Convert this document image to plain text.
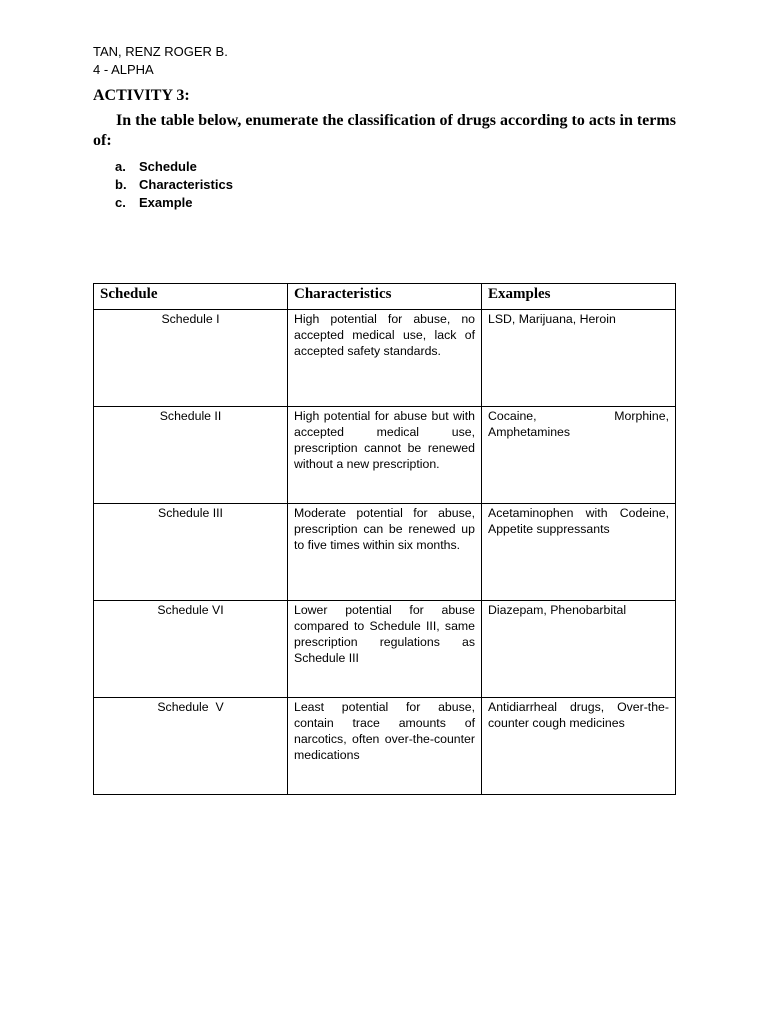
TAN, RENZ ROGER B.
4 - ALPHA
ACTIVITY 3:

In the table below, enumerate the classification of drugs according to acts in terms of:

a. Schedule
b. Characteristics
c. Example
Schedule	Characteristics	Examples
Schedule I	High potential for abuse, no accepted medical use, lack of accepted safety standards.	LSD, Marijuana, Heroin
Schedule II	High potential for abuse but with accepted medical use, prescription cannot be renewed without a new prescription.	Cocaine, Morphine, Amphetamines
Schedule III	Moderate potential for abuse, prescription can be renewed up to five times within six months.	Acetaminophen with Codeine, Appetite suppressants
Schedule VI	Lower potential for abuse compared to Schedule III, same prescription regulations as Schedule III	Diazepam, Phenobarbital
Schedule  V	Least potential for abuse, contain trace amounts of narcotics, often over-the-counter medications	Antidiarrheal drugs, Over-the-counter cough medicines
